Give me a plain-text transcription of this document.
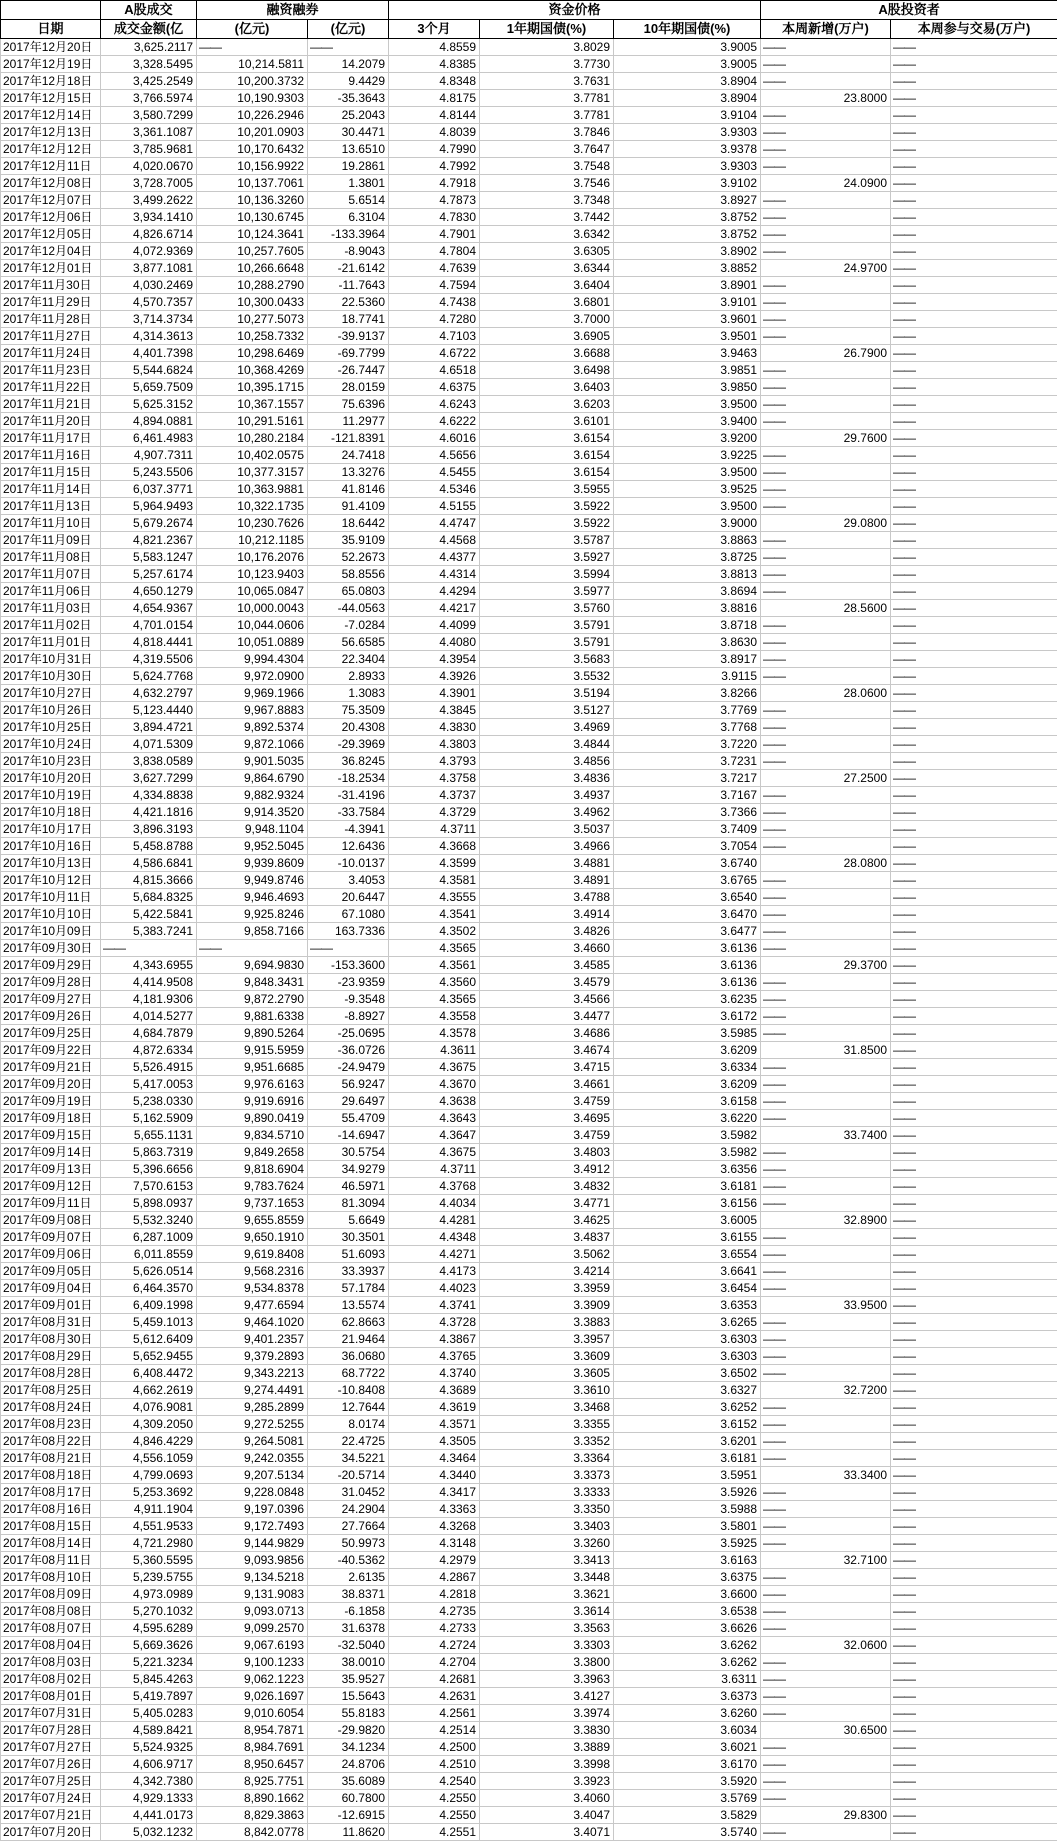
	A股成交	融资融券		资金价格			A股投资者	
日期	成交金额(亿	(亿元)	(亿元)	3个月	1年期国债(%)	10年期国债(%)	本周新增(万户)	本周参与交易(万户)
2017年12月20日	3,625.2117	——	——	4.8559	3.8029	3.9005	——	——
2017年12月19日	3,328.5495	10,214.5811	14.2079	4.8385	3.7730	3.9005	——	——
2017年12月18日	3,425.2549	10,200.3732	9.4429	4.8348	3.7631	3.8904	——	——
2017年12月15日	3,766.5974	10,190.9303	-35.3643	4.8175	3.7781	3.8904	23.8000	——
2017年12月14日	3,580.7299	10,226.2946	25.2043	4.8144	3.7781	3.9104	——	——
2017年12月13日	3,361.1087	10,201.0903	30.4471	4.8039	3.7846	3.9303	——	——
2017年12月12日	3,785.9681	10,170.6432	13.6510	4.7990	3.7647	3.9378	——	——
2017年12月11日	4,020.0670	10,156.9922	19.2861	4.7992	3.7548	3.9303	——	——
2017年12月08日	3,728.7005	10,137.7061	1.3801	4.7918	3.7546	3.9102	24.0900	——
2017年12月07日	3,499.2622	10,136.3260	5.6514	4.7873	3.7348	3.8927	——	——
2017年12月06日	3,934.1410	10,130.6745	6.3104	4.7830	3.7442	3.8752	——	——
2017年12月05日	4,826.6714	10,124.3641	-133.3964	4.7901	3.6342	3.8752	——	——
2017年12月04日	4,072.9369	10,257.7605	-8.9043	4.7804	3.6305	3.8902	——	——
2017年12月01日	3,877.1081	10,266.6648	-21.6142	4.7639	3.6344	3.8852	24.9700	——
2017年11月30日	4,030.2469	10,288.2790	-11.7643	4.7594	3.6404	3.8901	——	——
2017年11月29日	4,570.7357	10,300.0433	22.5360	4.7438	3.6801	3.9101	——	——
2017年11月28日	3,714.3734	10,277.5073	18.7741	4.7280	3.7000	3.9601	——	——
2017年11月27日	4,314.3613	10,258.7332	-39.9137	4.7103	3.6905	3.9501	——	——
2017年11月24日	4,401.7398	10,298.6469	-69.7799	4.6722	3.6688	3.9463	26.7900	——
2017年11月23日	5,544.6824	10,368.4269	-26.7447	4.6518	3.6498	3.9851	——	——
2017年11月22日	5,659.7509	10,395.1715	28.0159	4.6375	3.6403	3.9850	——	——
2017年11月21日	5,625.3152	10,367.1557	75.6396	4.6243	3.6203	3.9500	——	——
2017年11月20日	4,894.0881	10,291.5161	11.2977	4.6222	3.6101	3.9400	——	——
2017年11月17日	6,461.4983	10,280.2184	-121.8391	4.6016	3.6154	3.9200	29.7600	——
2017年11月16日	4,907.7311	10,402.0575	24.7418	4.5656	3.6154	3.9225	——	——
2017年11月15日	5,243.5506	10,377.3157	13.3276	4.5455	3.6154	3.9500	——	——
2017年11月14日	6,037.3771	10,363.9881	41.8146	4.5346	3.5955	3.9525	——	——
2017年11月13日	5,964.9493	10,322.1735	91.4109	4.5155	3.5922	3.9500	——	——
2017年11月10日	5,679.2674	10,230.7626	18.6442	4.4747	3.5922	3.9000	29.0800	——
2017年11月09日	4,821.2367	10,212.1185	35.9109	4.4568	3.5787	3.8863	——	——
2017年11月08日	5,583.1247	10,176.2076	52.2673	4.4377	3.5927	3.8725	——	——
2017年11月07日	5,257.6174	10,123.9403	58.8556	4.4314	3.5994	3.8813	——	——
2017年11月06日	4,650.1279	10,065.0847	65.0803	4.4294	3.5977	3.8694	——	——
2017年11月03日	4,654.9367	10,000.0043	-44.0563	4.4217	3.5760	3.8816	28.5600	——
2017年11月02日	4,701.0154	10,044.0606	-7.0284	4.4099	3.5791	3.8718	——	——
2017年11月01日	4,818.4441	10,051.0889	56.6585	4.4080	3.5791	3.8630	——	——
2017年10月31日	4,319.5506	9,994.4304	22.3404	4.3954	3.5683	3.8917	——	——
2017年10月30日	5,624.7768	9,972.0900	2.8933	4.3926	3.5532	3.9115	——	——
2017年10月27日	4,632.2797	9,969.1966	1.3083	4.3901	3.5194	3.8266	28.0600	——
2017年10月26日	5,123.4440	9,967.8883	75.3509	4.3845	3.5127	3.7769	——	——
2017年10月25日	3,894.4721	9,892.5374	20.4308	4.3830	3.4969	3.7768	——	——
2017年10月24日	4,071.5309	9,872.1066	-29.3969	4.3803	3.4844	3.7220	——	——
2017年10月23日	3,838.0589	9,901.5035	36.8245	4.3793	3.4856	3.7231	——	——
2017年10月20日	3,627.7299	9,864.6790	-18.2534	4.3758	3.4836	3.7217	27.2500	——
2017年10月19日	4,334.8838	9,882.9324	-31.4196	4.3737	3.4937	3.7167	——	——
2017年10月18日	4,421.1816	9,914.3520	-33.7584	4.3729	3.4962	3.7366	——	——
2017年10月17日	3,896.3193	9,948.1104	-4.3941	4.3711	3.5037	3.7409	——	——
2017年10月16日	5,458.8788	9,952.5045	12.6436	4.3668	3.4966	3.7054	——	——
2017年10月13日	4,586.6841	9,939.8609	-10.0137	4.3599	3.4881	3.6740	28.0800	——
2017年10月12日	4,815.3666	9,949.8746	3.4053	4.3581	3.4891	3.6765	——	——
2017年10月11日	5,684.8325	9,946.4693	20.6447	4.3555	3.4788	3.6540	——	——
2017年10月10日	5,422.5841	9,925.8246	67.1080	4.3541	3.4914	3.6470	——	——
2017年10月09日	5,383.7241	9,858.7166	163.7336	4.3502	3.4826	3.6477	——	——
2017年09月30日	——	——	——	4.3565	3.4660	3.6136	——	——
2017年09月29日	4,343.6955	9,694.9830	-153.3600	4.3561	3.4585	3.6136	29.3700	——
2017年09月28日	4,414.9508	9,848.3431	-23.9359	4.3560	3.4579	3.6136	——	——
2017年09月27日	4,181.9306	9,872.2790	-9.3548	4.3565	3.4566	3.6235	——	——
2017年09月26日	4,014.5277	9,881.6338	-8.8927	4.3558	3.4477	3.6172	——	——
2017年09月25日	4,684.7879	9,890.5264	-25.0695	4.3578	3.4686	3.5985	——	——
2017年09月22日	4,872.6334	9,915.5959	-36.0726	4.3611	3.4674	3.6209	31.8500	——
2017年09月21日	5,526.4915	9,951.6685	-24.9479	4.3675	3.4715	3.6334	——	——
2017年09月20日	5,417.0053	9,976.6163	56.9247	4.3670	3.4661	3.6209	——	——
2017年09月19日	5,238.0330	9,919.6916	29.6497	4.3638	3.4759	3.6158	——	——
2017年09月18日	5,162.5909	9,890.0419	55.4709	4.3643	3.4695	3.6220	——	——
2017年09月15日	5,655.1131	9,834.5710	-14.6947	4.3647	3.4759	3.5982	33.7400	——
2017年09月14日	5,863.7319	9,849.2658	30.5754	4.3675	3.4803	3.5982	——	——
2017年09月13日	5,396.6656	9,818.6904	34.9279	4.3711	3.4912	3.6356	——	——
2017年09月12日	7,570.6153	9,783.7624	46.5971	4.3768	3.4832	3.6181	——	——
2017年09月11日	5,898.0937	9,737.1653	81.3094	4.4034	3.4771	3.6156	——	——
2017年09月08日	5,532.3240	9,655.8559	5.6649	4.4281	3.4625	3.6005	32.8900	——
2017年09月07日	6,287.1009	9,650.1910	30.3501	4.4348	3.4837	3.6155	——	——
2017年09月06日	6,011.8559	9,619.8408	51.6093	4.4271	3.5062	3.6554	——	——
2017年09月05日	5,626.0514	9,568.2316	33.3937	4.4173	3.4214	3.6641	——	——
2017年09月04日	6,464.3570	9,534.8378	57.1784	4.4023	3.3959	3.6454	——	——
2017年09月01日	6,409.1998	9,477.6594	13.5574	4.3741	3.3909	3.6353	33.9500	——
2017年08月31日	5,459.1013	9,464.1020	62.8663	4.3728	3.3883	3.6265	——	——
2017年08月30日	5,612.6409	9,401.2357	21.9464	4.3867	3.3957	3.6303	——	——
2017年08月29日	5,652.9455	9,379.2893	36.0680	4.3765	3.3609	3.6303	——	——
2017年08月28日	6,408.4472	9,343.2213	68.7722	4.3740	3.3605	3.6502	——	——
2017年08月25日	4,662.2619	9,274.4491	-10.8408	4.3689	3.3610	3.6327	32.7200	——
2017年08月24日	4,076.9081	9,285.2899	12.7644	4.3619	3.3468	3.6252	——	——
2017年08月23日	4,309.2050	9,272.5255	8.0174	4.3571	3.3355	3.6152	——	——
2017年08月22日	4,846.4229	9,264.5081	22.4725	4.3505	3.3352	3.6201	——	——
2017年08月21日	4,556.1059	9,242.0355	34.5221	4.3464	3.3364	3.6181	——	——
2017年08月18日	4,799.0693	9,207.5134	-20.5714	4.3440	3.3373	3.5951	33.3400	——
2017年08月17日	5,253.3692	9,228.0848	31.0452	4.3417	3.3333	3.5926	——	——
2017年08月16日	4,911.1904	9,197.0396	24.2904	4.3363	3.3350	3.5988	——	——
2017年08月15日	4,551.9533	9,172.7493	27.7664	4.3268	3.3403	3.5801	——	——
2017年08月14日	4,721.2980	9,144.9829	50.9973	4.3148	3.3260	3.5925	——	——
2017年08月11日	5,360.5595	9,093.9856	-40.5362	4.2979	3.3413	3.6163	32.7100	——
2017年08月10日	5,239.5755	9,134.5218	2.6135	4.2867	3.3448	3.6375	——	——
2017年08月09日	4,973.0989	9,131.9083	38.8371	4.2818	3.3621	3.6600	——	——
2017年08月08日	5,270.1032	9,093.0713	-6.1858	4.2735	3.3614	3.6538	——	——
2017年08月07日	4,595.6289	9,099.2570	31.6378	4.2733	3.3563	3.6626	——	——
2017年08月04日	5,669.3626	9,067.6193	-32.5040	4.2724	3.3303	3.6262	32.0600	——
2017年08月03日	5,221.3234	9,100.1233	38.0010	4.2704	3.3800	3.6262	——	——
2017年08月02日	5,845.4263	9,062.1223	35.9527	4.2681	3.3963	3.6311	——	——
2017年08月01日	5,419.7897	9,026.1697	15.5643	4.2631	3.4127	3.6373	——	——
2017年07月31日	5,405.0283	9,010.6054	55.8183	4.2561	3.3974	3.6260	——	——
2017年07月28日	4,589.8421	8,954.7871	-29.9820	4.2514	3.3830	3.6034	30.6500	——
2017年07月27日	5,524.9325	8,984.7691	34.1234	4.2500	3.3889	3.6021	——	——
2017年07月26日	4,606.9717	8,950.6457	24.8706	4.2510	3.3998	3.6170	——	——
2017年07月25日	4,342.7380	8,925.7751	35.6089	4.2540	3.3923	3.5920	——	——
2017年07月24日	4,929.1333	8,890.1662	60.7800	4.2550	3.4060	3.5769	——	——
2017年07月21日	4,441.0173	8,829.3863	-12.6915	4.2550	3.4047	3.5829	29.8300	——
2017年07月20日	5,032.1232	8,842.0778	11.8620	4.2551	3.4071	3.5740	——	——
